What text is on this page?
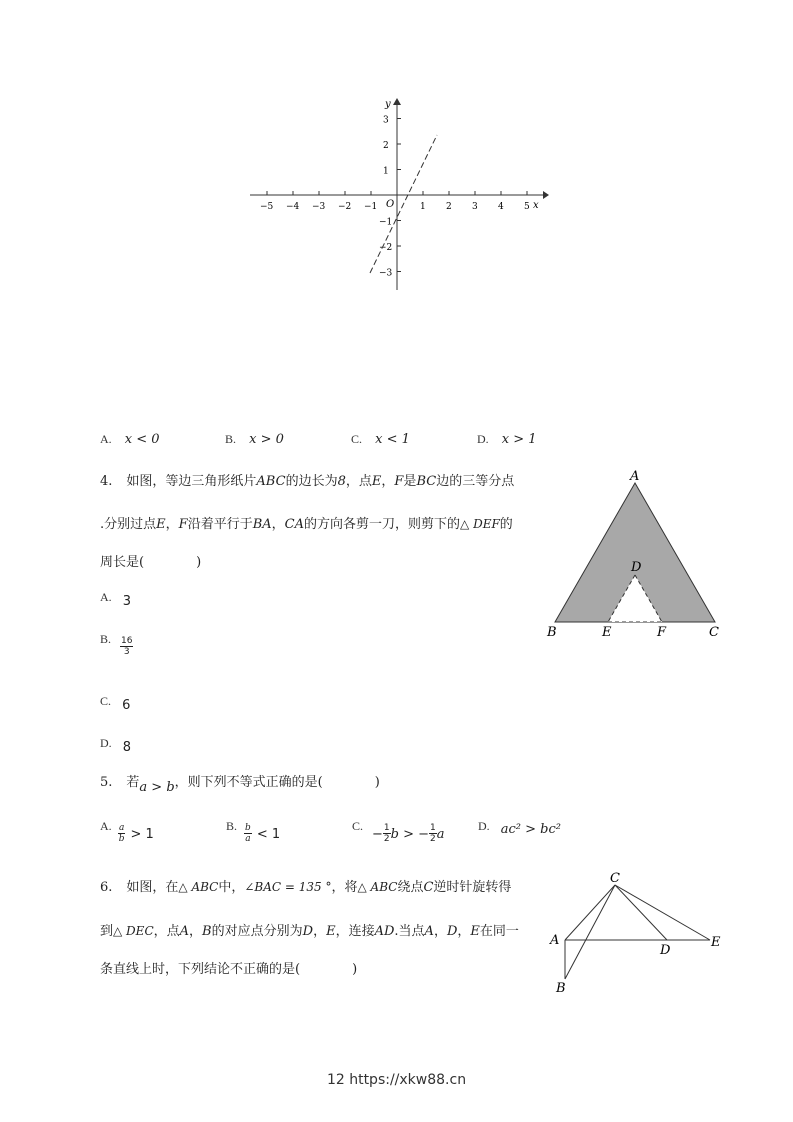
x
y
O
−5 −4 −3 −2 −1	1 2 3 4 5
3
2
1
−1
−2
−3
A. x < 0	B. x > 0	C. x < 1	D. x > 1
4. 如图，等边三角形纸片ABC的边长为8，点E，F是BC边的三等分点
.分别过点E，F沿着平行于BA，CA的方向各剪一刀，则剪下的△ DEF的
周长是(　　　　)
A. $_3$
B. $\frac{16}{3}$
C. $_6$
D. $_8$
A
B	C
D
E	F
5. 若a > b，则下列不等式正确的是(　　　　)
A. $\frac{a}{b} > 1$
B. $\frac{b}{a} < 1$
C.
− $\frac{1}{2}$ b > − $\frac{1}{2}$ a
D. ac² > bc²
6. 如图，在△ ABC中，∠BAC = 135 °，将△ ABC绕点C逆时针旋转得
到△ DEC，点A，B的对应点分别为D，E，连接AD.当点A，D，E在同一
条直线上时，下列结论不正确的是(　　　　)
C
A
D
E
B
12 https://xkw88.cn
